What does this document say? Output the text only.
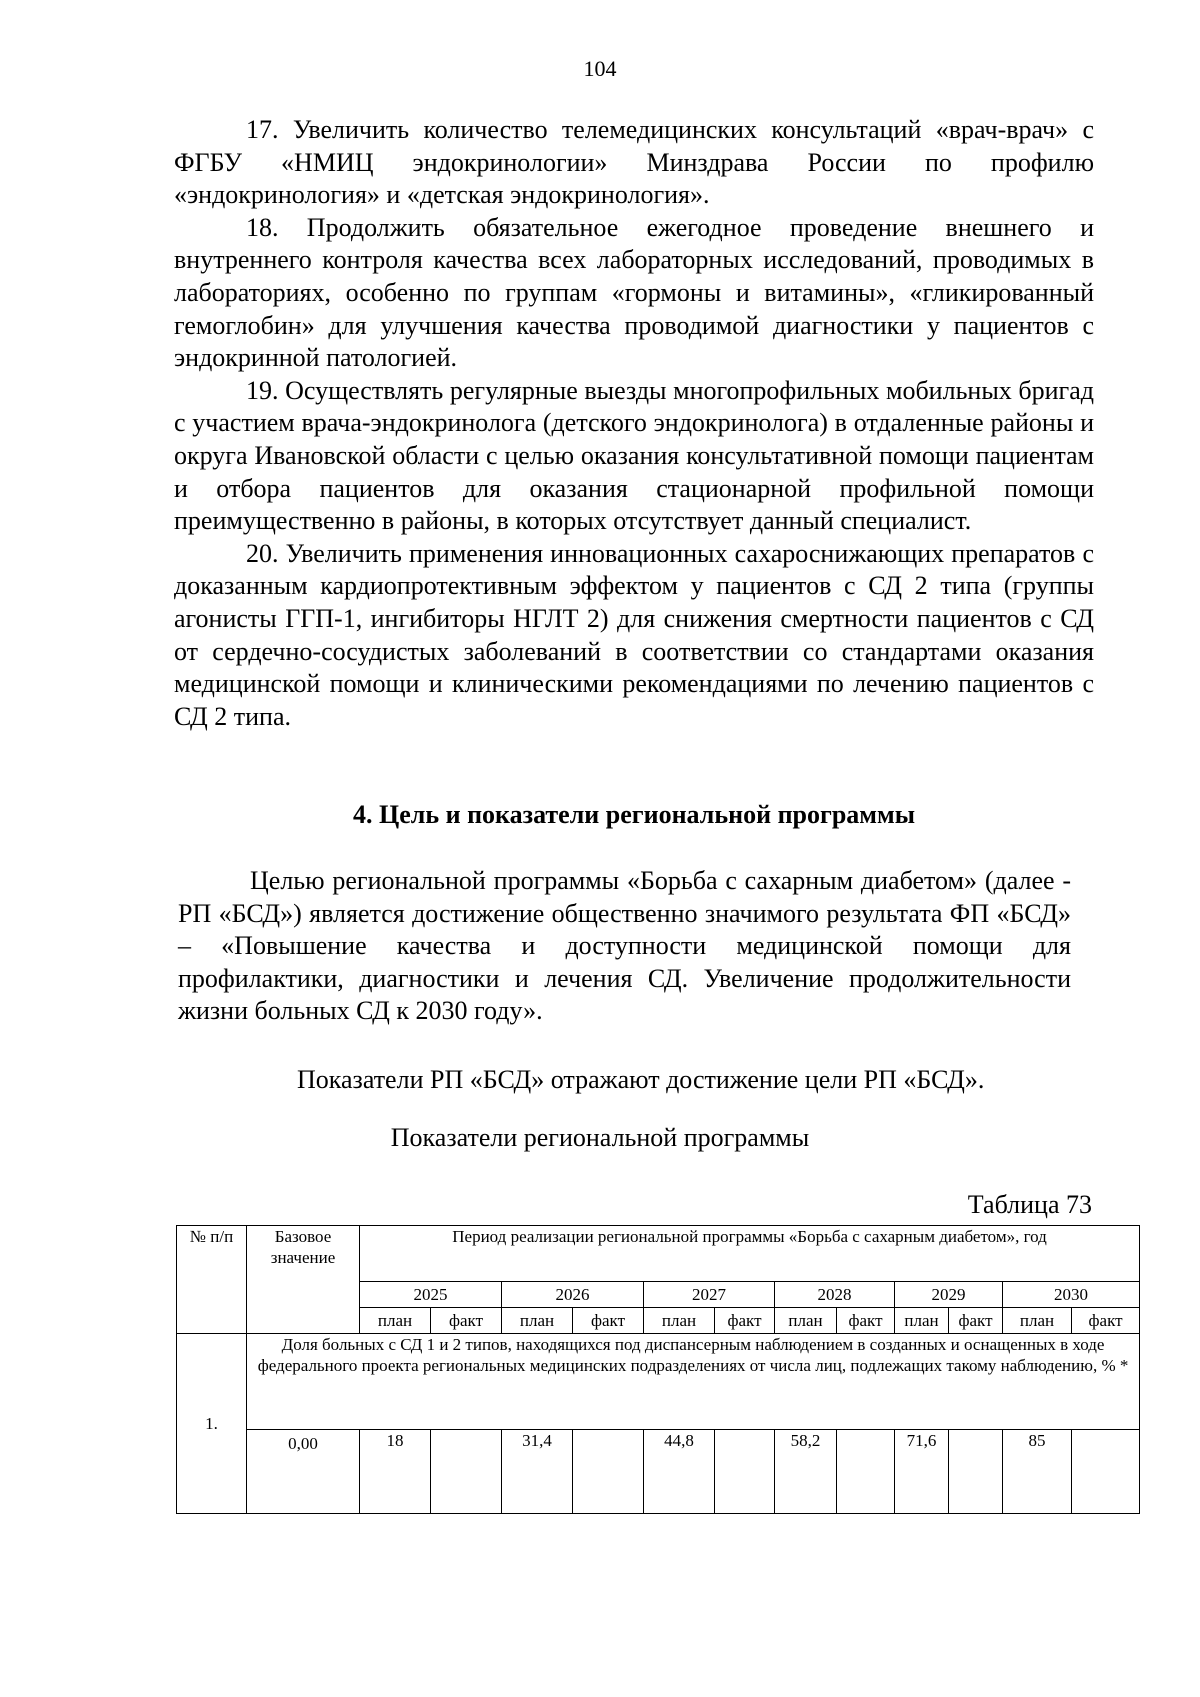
104

17. Увеличить количество телемедицинских консультаций «врач-врач» с ФГБУ «НМИЦ эндокринологии» Минздрава России по профилю «эндокринология» и «детская эндокринология».

18. Продолжить обязательное ежегодное проведение внешнего и внутреннего контроля качества всех лабораторных исследований, проводимых в лабораториях, особенно по группам «гормоны и витамины», «гликированный гемоглобин» для улучшения качества проводимой диагностики у пациентов с эндокринной патологией.

19. Осуществлять регулярные выезды многопрофильных мобильных бригад с участием врача-эндокринолога (детского эндокринолога) в отдаленные районы и округа Ивановской области с целью оказания консультативной помощи пациентам и отбора пациентов для оказания стационарной профильной помощи преимущественно в районы, в которых отсутствует данный специалист.

20. Увеличить применения инновационных сахароснижающих препаратов с доказанным кардиопротективным эффектом у пациентов с СД 2 типа (группы агонисты ГГП-1, ингибиторы НГЛТ 2) для снижения смертности пациентов с СД от сердечно-сосудистых заболеваний в соответствии со стандартами оказания медицинской помощи и клиническими рекомендациями по лечению пациентов с СД 2 типа.

4. Цель и показатели региональной программы

Целью региональной программы «Борьба с сахарным диабетом» (далее - РП «БСД») является достижение общественно значимого результата ФП «БСД» – «Повышение качества и доступности медицинской помощи для профилактики, диагностики и лечения СД. Увеличение продолжительности жизни больных СД к 2030 году».

Показатели РП «БСД» отражают достижение цели РП «БСД».

Показатели региональной программы

Таблица 73

№ п/п	Базовое значение	Период реализации региональной программы «Борьба с сахарным диабетом», год											
		2025		2026		2027		2028		2029		2030	
		план	факт	план	факт	план	факт	план	факт	план	факт	план	факт
1.	Доля больных с СД 1 и 2 типов, находящихся под диспансерным наблюдением в созданных и оснащенных в ходе федерального проекта региональных медицинских подразделениях от числа лиц, подлежащих такому наблюдению, % *												
	0,00	18		31,4		44,8		58,2		71,6		85	
